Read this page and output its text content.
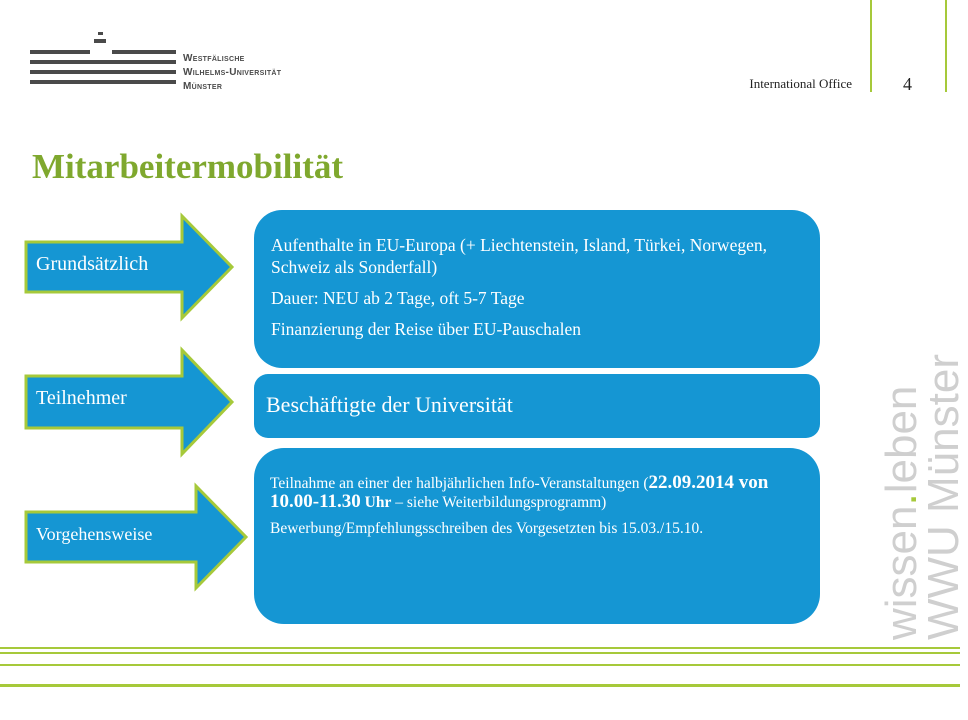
Westfälische
Wilhelms-Universität
Münster	International Office	4
Mitarbeitermobilität
wissen.leben
WWU Münster

Aufenthalte in EU-Europa (+ Liechtenstein, Island, Türkei, Norwegen, Schweiz als Sonderfall)

Dauer: NEU ab 2 Tage, oft 5-7 Tage

Finanzierung der Reise über EU-Pauschalen

Beschäftigte der Universität

Teilnahme an einer der halbjährlichen Info-Veranstaltungen (22.09.2014 von 10.00-11.30 Uhr – siehe Weiterbildungsprogramm)

Bewerbung/Empfehlungsschreiben des Vorgesetzten bis 15.03./15.10.

Grundsätzlich
Teilnehmer
Vorgehensweise
